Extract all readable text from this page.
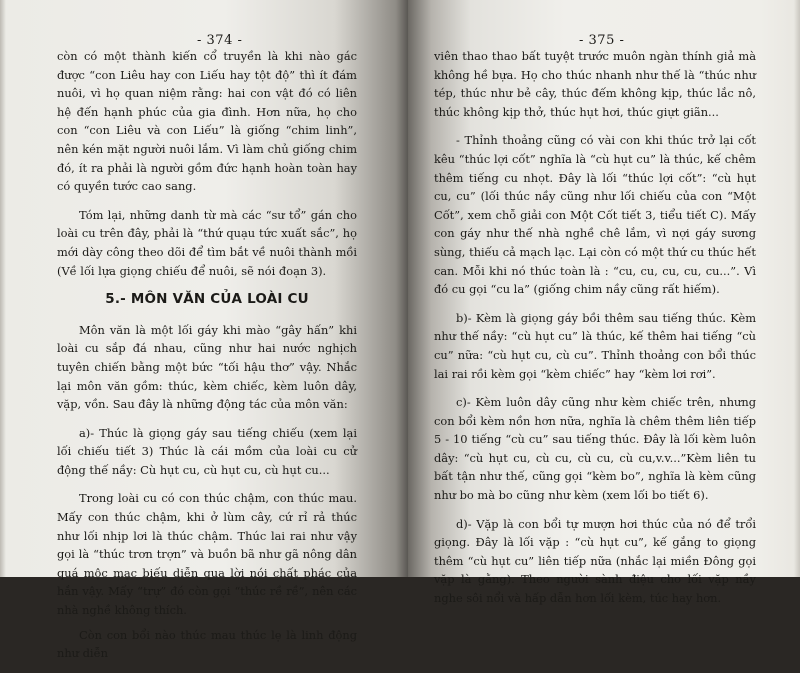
- 374 -

còn có một thành kiến cổ truyền là khi nào gác được “con Liêu hay con Liếu hay tột độ” thì ít đám nuôi, vì họ quan niệm rằng: hai con vật đó có liên hệ đến hạnh phúc của gia đình. Hơn nữa, họ cho con “con Liêu và con Liếu” là giống “chim linh”, nên kén mặt người nuôi lắm. Vì làm chủ giống chim đó, ít ra phải là người gồm đức hạnh hoàn toàn hay có quyền tước cao sang.

Tóm lại, những danh từ mà các “sư tổ” gán cho loài cu trên đây, phải là “thứ quạu tức xuất sắc”, họ mới dày công theo dõi để tìm bắt về nuôi thành mồi (Về lối lựa giọng chiếu để nuôi, sẽ nói đoạn 3).

5.- MÔN VĂN CỦA LOÀI CU

Môn văn là một lối gáy khi mào “gây hấn” khi loài cu sắp đá nhau, cũng như hai nước nghịch tuyên chiến bằng một bức “tối hậu thơ” vậy. Nhắc lại môn văn gồm: thúc, kèm chiếc, kèm luôn dây, vặp, vồn. Sau đây là những động tác của môn văn:

a)- Thúc là giọng gáy sau tiếng chiếu (xem lại lối chiếu tiết 3) Thúc là cái mồm của loài cu cử động thế nầy: Cù hụt cu, cù hụt cu, cù hụt cu...

Trong loài cu có con thúc chậm, con thúc mau. Mấy con thúc chậm, khi ở lùm cây, cứ rỉ rả thúc như lối nhịp lơi là thúc chậm. Thúc lai rai như vậy gọi là “thúc trơn trợn” và buồn bã như gã nông dân quá mộc mạc biếu diễn qua lời nói chất phác của hắn vậy. Mấy “trự” đó còn gọi “thúc rề rề”, nên các nhà nghề không thích.

Còn con bổi nào thúc mau thúc lẹ là linh động như diễn

- 375 -

viên thao thao bất tuyệt trước muôn ngàn thính giả mà không hề bựa. Họ cho thúc nhanh như thế là “thúc như tép, thúc như bẻ cây, thúc đếm không kịp, thúc lắc nô, thúc không kịp thở, thúc hụt hơi, thúc giựt giãn...

- Thỉnh thoảng cũng có vài con khi thúc trở lại cốt kêu “thúc lợi cốt” nghĩa là “cù hụt cu” là thúc, kế chêm thêm tiếng cu nhọt. Đây là lối “thúc lợi cốt”: “cù hụt cu, cu” (lối thúc nầy cũng như lối chiếu của con “Một Cốt”, xem chỗ giải con Một Cốt tiết 3, tiểu tiết C). Mấy con gáy như thế nhà nghề chê lắm, vì nợi gáy sương sùng, thiếu cả mạch lạc. Lại còn có một thứ cu thúc hết can. Mỗi khi nó thúc toàn là : “cu, cu, cu, cu, cu...”. Vì đó cu gọi “cu la” (giống chim nầy cũng rất hiếm).

b)- Kèm là giọng gáy bồi thêm sau tiếng thúc. Kèm như thế nầy: “cù hụt cu” là thúc, kế thêm hai tiếng “cù cu” nữa: “cù hụt cu, cù cu”. Thỉnh thoảng con bổi thúc lai rai rồi kèm gọi “kèm chiếc” hay “kèm lơi rơi”.

c)- Kèm luôn dây cũng như kèm chiếc trên, nhưng con bổi kèm nồn hơn nữa, nghĩa là chêm thêm liên tiếp 5 - 10 tiếng “cù cu” sau tiếng thúc. Đây là lối kèm luôn dây: “cù hụt cu, cù cu, cù cu, cù cu,v.v...”Kèm liên tu bất tận như thế, cũng gọi “kèm bo”, nghĩa là kèm cũng như bo mà bo cũng như kèm (xem lối bo tiết 6).

d)- Vặp là con bổi tự mượn hơi thúc của nó để trổi giọng. Đây là lối vặp : “cù hụt cu”, kế gắng to giọng thêm “cù hụt cu” liên tiếp nữa (nhắc lại miền Đông gọi vặp là gằng). Theo người sành điệu cho lối vặp nầy nghe sôi nổi và hấp dẫn hơn lối kèm, túc hay hơn.
